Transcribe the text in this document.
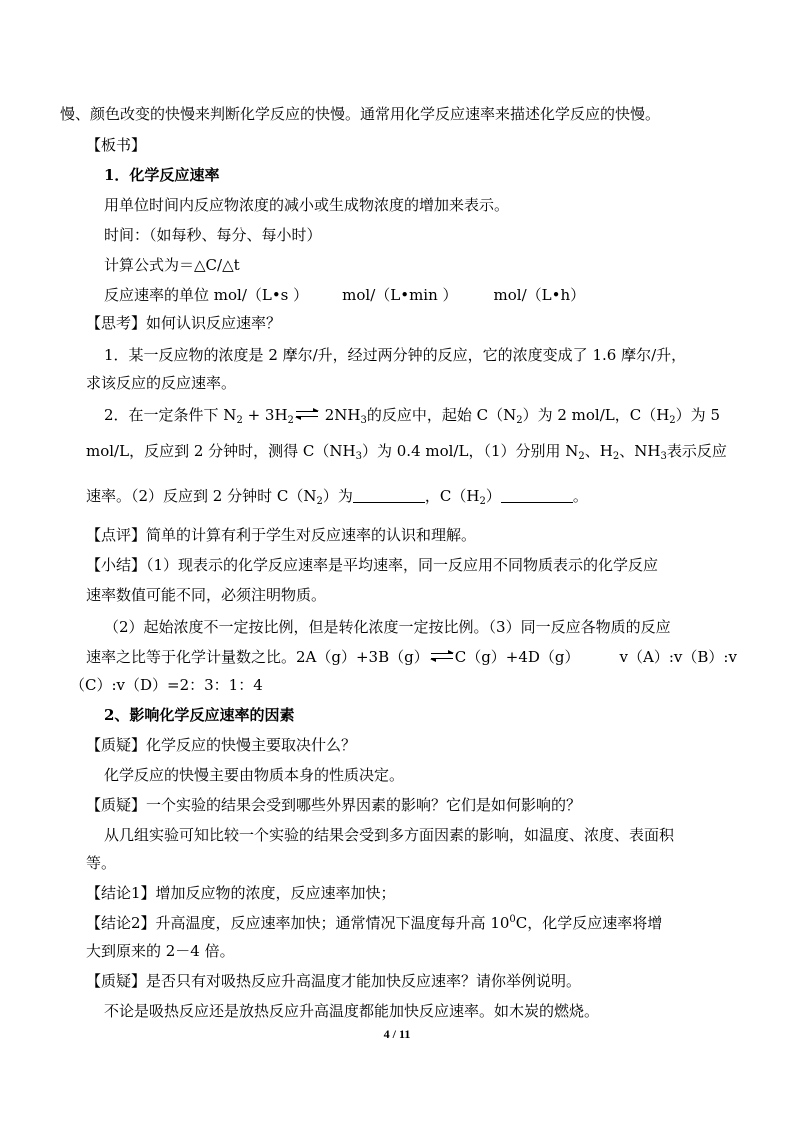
慢、颜色改变的快慢来判断化学反应的快慢。通常用化学反应速率来描述化学反应的快慢。
【板书】
1．化学反应速率
用单位时间内反应物浓度的减小或生成物浓度的增加来表示。
时间：（如每秒、每分、每小时）
计算公式为＝△C/△t
反应速率的单位 mol/（L•s ） mol/（L•min ） mol/（L•h）
【思考】如何认识反应速率？
1．某一反应物的浓度是 2 摩尔/升，经过两分钟的反应，它的浓度变成了 1.6 摩尔/升，
求该反应的反应速率。
2．在一定条件下 $N_2 + 3H_2$ ⇌ $2NH_3$的反应中，起始 $C(N_2)$为 2 mol/L，$C(H_2)$为 5
mol/L，反应到 2 分钟时，测得 $C(NH_3)$为 0.4 mol/L，（1）分别用 $N_2$、$H_2$、$NH_3$表示反应
速率。（2）反应到 2 分钟时 $C(N_2)$为	，$C(H_2)$	。
【点评】简单的计算有利于学生对反应速率的认识和理解。
【小结】（1）现表示的化学反应速率是平均速率，同一反应用不同物质表示的化学反应
速率数值可能不同，必须注明物质。
（2）起始浓度不一定按比例，但是转化浓度一定按比例。（3）同一反应各物质的反应
速率之比等于化学计量数之比。2A（g）+3B（g） ⇌ C（g）+4D（g）	v（A）:v（B）:v
（C）:v（D）=2：3：1：4
2、影响化学反应速率的因素
【质疑】化学反应的快慢主要取决什么？
化学反应的快慢主要由物质本身的性质决定。
【质疑】一个实验的结果会受到哪些外界因素的影响？它们是如何影响的？
从几组实验可知比较一个实验的结果会受到多方面因素的影响，如温度、浓度、表面积
等。
【结论1】增加反应物的浓度，反应速率加快；
【结论2】升高温度，反应速率加快；通常情况下温度每升高 $10^0C$，化学反应速率将增
大到原来的 2－4 倍。
【质疑】是否只有对吸热反应升高温度才能加快反应速率？请你举例说明。
不论是吸热反应还是放热反应升高温度都能加快反应速率。如木炭的燃烧。
4 / 11
